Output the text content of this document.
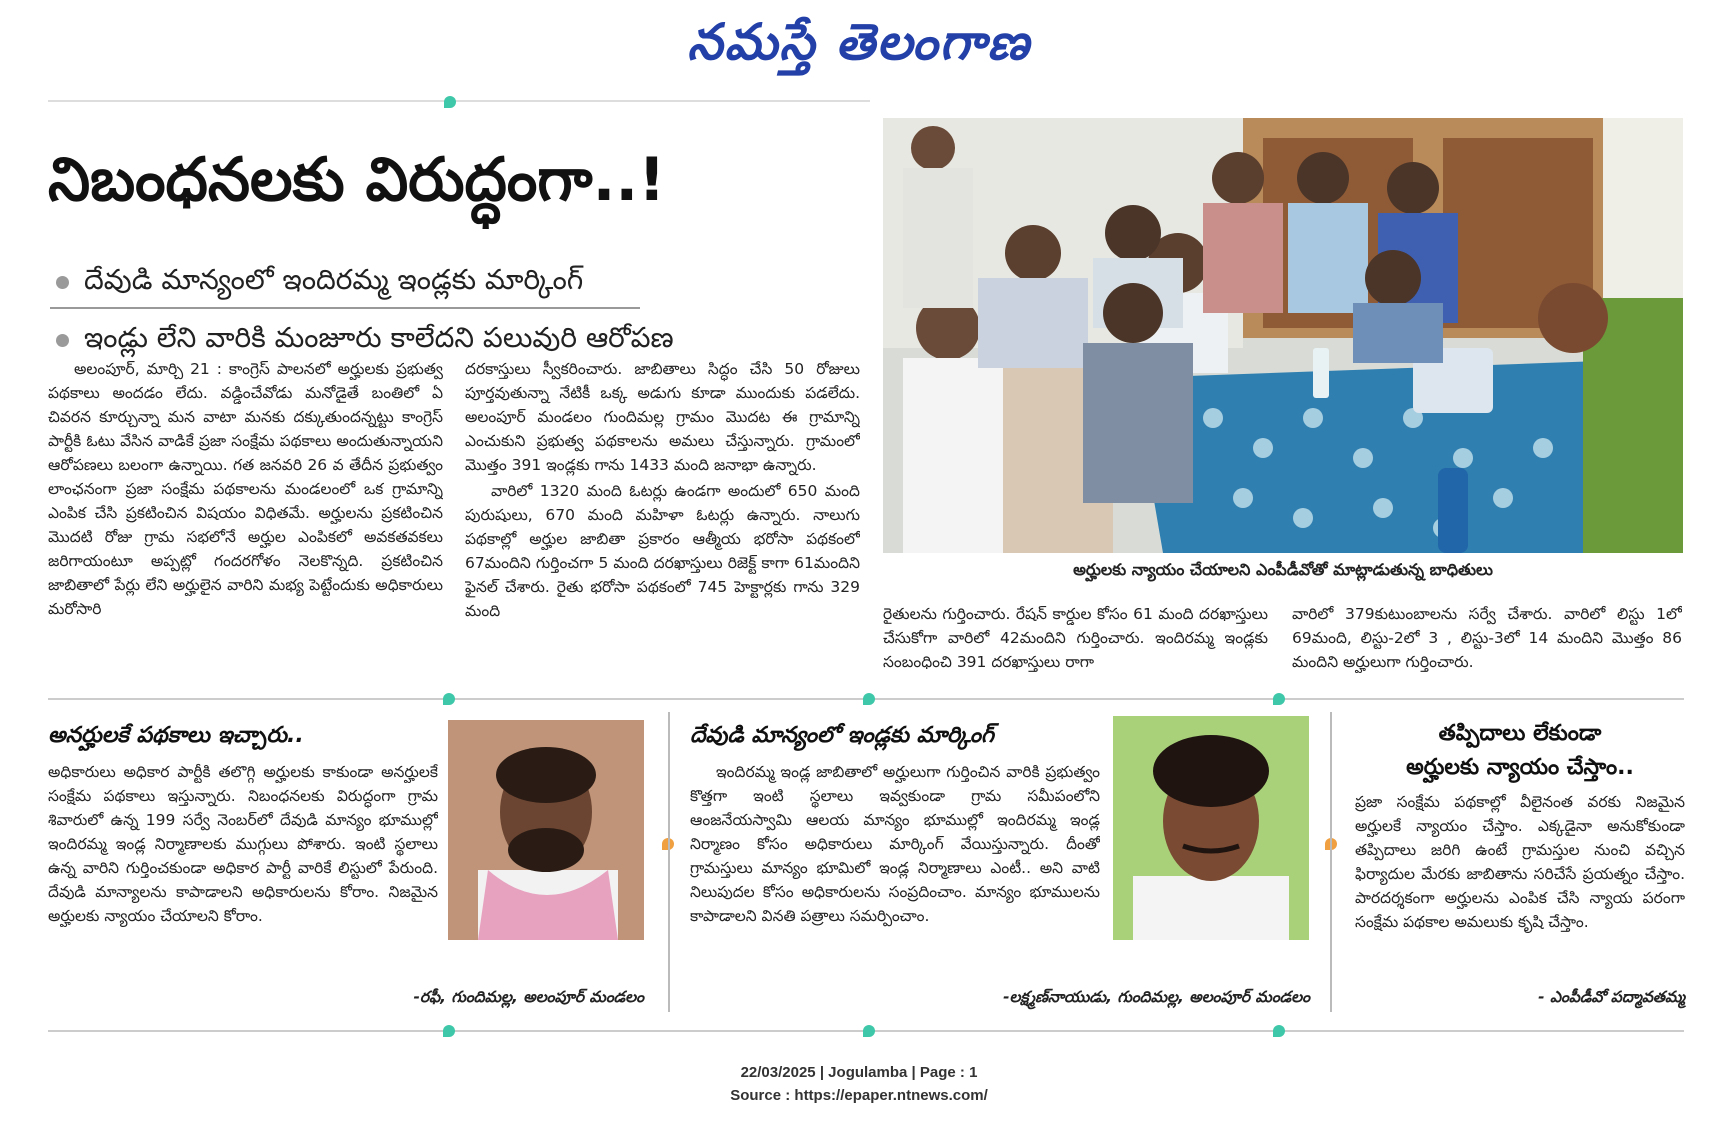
నమస్తే తెలంగాణ
నిబంధనలకు విరుద్ధంగా..!
దేవుడి మాన్యంలో ఇందిరమ్మ ఇండ్లకు మార్కింగ్
ఇండ్లు లేని వారికి మంజూరు కాలేదని పలువురి ఆరోపణ

అలంపూర్, మార్చి 21 : కాంగ్రెస్ పాలనలో అర్హులకు ప్రభుత్వ పథకాలు అందడం లేదు. వడ్డించేవోడు మనోడైతే బంతిలో ఏ చివరన కూర్చున్నా మన వాటా మనకు దక్కుతుందన్నట్టు కాంగ్రెస్ పార్టీకి ఓటు వేసిన వాడికే ప్రజా సంక్షేమ పథకాలు అందుతున్నాయని ఆరోపణలు బలంగా ఉన్నాయి. గత జనవరి 26 వ తేదీన ప్రభుత్వం లాంఛనంగా ప్రజా సంక్షేమ పథకాలను మండలంలో ఒక గ్రామాన్ని ఎంపిక చేసి ప్రకటించిన విషయం విధితమే. అర్హులను ప్రకటించిన మొదటి రోజు గ్రామ సభలోనే అర్హుల ఎంపికలో అవకతవకలు జరిగాయంటూ అప్పట్లో గందరగోళం నెలకొన్నది. ప్రకటించిన జాబితాలో పేర్లు లేని అర్హులైన వారిని మభ్య పెట్టేందుకు అధికారులు మరోసారి

దరకాస్తులు స్వీకరించారు. జాబితాలు సిద్ధం చేసి 50 రోజులు పూర్తవుతున్నా నేటికీ ఒక్క అడుగు కూడా ముందుకు పడలేదు. అలంపూర్ మండలం గుందిమల్ల గ్రామం మొదట ఈ గ్రామాన్ని ఎంచుకుని ప్రభుత్వ పథకాలను అమలు చేస్తున్నారు. గ్రామంలో మొత్తం 391 ఇండ్లకు గాను 1433 మంది జనాభా ఉన్నారు.

వారిలో 1320 మంది ఓటర్లు ఉండగా అందులో 650 మంది పురుషులు, 670 మంది మహిళా ఓటర్లు ఉన్నారు. నాలుగు పథకాల్లో అర్హుల జాబితా ప్రకారం ఆత్మీయ భరోసా పథకంలో 67మందిని గుర్తించగా 5 మంది దరఖాస్తులు రిజెక్ట్ కాగా 61మందిని ఫైనల్ చేశారు. రైతు భరోసా పథకంలో 745 హెక్టార్లకు గాను 329 మంది

అర్హులకు న్యాయం చేయాలని ఎంపీడీవోతో మాట్లాడుతున్న బాధితులు

రైతులను గుర్తించారు. రేషన్ కార్డుల కోసం 61 మంది దరఖాస్తులు చేసుకోగా వారిలో 42మందిని గుర్తించారు. ఇందిరమ్మ ఇండ్లకు సంబంధించి 391 దరఖాస్తులు రాగా

వారిలో 379కుటుంబాలను సర్వే చేశారు. వారిలో లిస్టు 1లో 69మంది, లిస్టు-2లో 3 , లిస్టు-3లో 14 మందిని మొత్తం 86 మందిని అర్హులుగా గుర్తించారు.

అనర్హులకే పథకాలు ఇచ్చారు..

అధికారులు అధికార పార్టీకి తలొగ్గి అర్హులకు కాకుండా అనర్హులకే సంక్షేమ పథకాలు ఇస్తున్నారు. నిబంధనలకు విరుద్ధంగా గ్రామ శివారులో ఉన్న 199 సర్వే నెంబర్‌లో దేవుడి మాన్యం భూముల్లో ఇందిరమ్మ ఇండ్ల నిర్మాణాలకు ముగ్గులు పోశారు. ఇంటి స్థలాలు ఉన్న వారిని గుర్తించకుండా అధికార పార్టీ వారికే లిస్టులో పేరుంది. దేవుడి మాన్యాలను కాపాడాలని అధికారులను కోరాం. నిజమైన అర్హులకు న్యాయం చేయాలని కోరాం.

-రఫీ, గుందిమల్ల, అలంపూర్ మండలం
దేవుడి మాన్యంలో ఇండ్లకు మార్కింగ్

ఇందిరమ్మ ఇండ్ల జాబితాలో అర్హులుగా గుర్తించిన వారికి ప్రభుత్వం కొత్తగా ఇంటి స్థలాలు ఇవ్వకుండా గ్రామ సమీపంలోని ఆంజనేయస్వామి ఆలయ మాన్యం భూముల్లో ఇందిరమ్మ ఇండ్ల నిర్మాణం కోసం అధికారులు మార్కింగ్ వేయిస్తున్నారు. దీంతో గ్రామస్తులు మాన్యం భూమిలో ఇండ్ల నిర్మాణాలు ఎంటీ.. అని వాటి నిలుపుదల కోసం అధికారులను సంప్రదించాం. మాన్యం భూములను కాపాడాలని వినతి పత్రాలు సమర్పించాం.

-లక్ష్మణ్‌నాయుడు, గుందిమల్ల, అలంపూర్ మండలం
తప్పిదాలు లేకుండా
అర్హులకు న్యాయం చేస్తాం..

ప్రజా సంక్షేమ పథకాల్లో వీలైనంత వరకు నిజమైన అర్హులకే న్యాయం చేస్తాం. ఎక్కడైనా అనుకోకుండా తప్పిదాలు జరిగి ఉంటే గ్రామస్తుల నుంచి వచ్చిన ఫిర్యాదుల మేరకు జాబితాను సరిచేసే ప్రయత్నం చేస్తాం. పారదర్శకంగా అర్హులను ఎంపిక చేసి న్యాయ పరంగా సంక్షేమ పథకాల అమలుకు కృషి చేస్తాం.

- ఎంపీడీవో పద్మావతమ్మ
22/03/2025 | Jogulamba | Page : 1
Source : https://epaper.ntnews.com/
